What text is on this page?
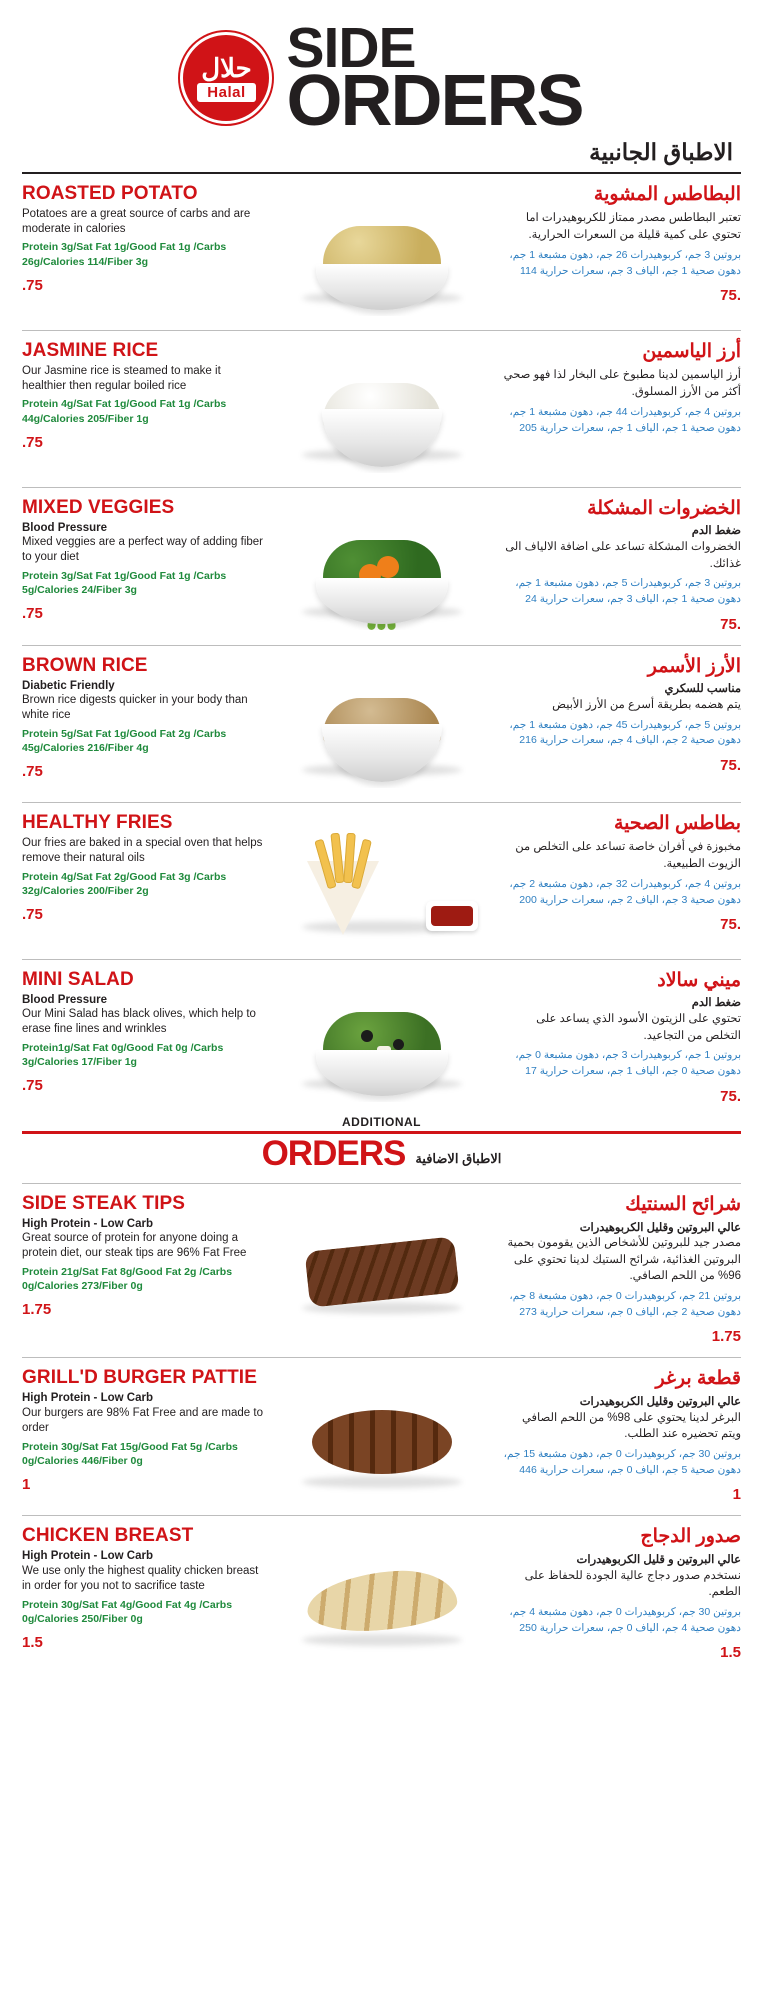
حلال
Halal
SIDE
ORDERS
الاطباق الجانبية
ROASTED POTATO
Potatoes are a great source of carbs and are moderate in calories
Protein 3g/Sat Fat 1g/Good Fat 1g /Carbs 26g/Calories 114/Fiber 3g
.75
البطاطس المشوية
تعتبر البطاطس مصدر ممتاز للكربوهيدرات اما تحتوي على كمية قليلة من السعرات الحرارية.
بروتين 3 جم، كربوهيدرات 26 جم، دهون مشبعة 1 جم، دهون صحية 1 جم، الياف 3 جم، سعرات حرارية 114
.75
JASMINE RICE
Our Jasmine rice is steamed to make it healthier then regular boiled rice
Protein 4g/Sat Fat 1g/Good Fat 1g /Carbs 44g/Calories 205/Fiber 1g
.75
أرز الياسمين
أرز الياسمين لدينا مطبوخ على البخار لذا فهو صحي أكثر من الأرز المسلوق.
بروتين 4 جم، كربوهيدرات 44 جم، دهون مشبعة 1 جم، دهون صحية 1 جم، الياف 1 جم، سعرات حرارية 205
MIXED VEGGIES
Blood Pressure
Mixed veggies are a perfect way of adding fiber to your diet
Protein 3g/Sat Fat 1g/Good Fat 1g /Carbs 5g/Calories 24/Fiber 3g
.75
الخضروات المشكلة
ضغط الدم
الخضروات المشكلة تساعد على اضافة الالياف الى غذائك.
بروتين 3 جم، كربوهيدرات 5 جم، دهون مشبعة 1 جم، دهون صحية 1 جم، الياف 3 جم، سعرات حرارية 24
.75
BROWN RICE
Diabetic Friendly
Brown rice digests quicker in your body than white rice
Protein 5g/Sat Fat 1g/Good Fat 2g /Carbs 45g/Calories 216/Fiber 4g
.75
الأرز الأسمر
مناسب للسكري
يتم هضمه بطريقة أسرع من الأرز الأبيض
بروتين 5 جم، كربوهيدرات 45 جم، دهون مشبعة 1 جم، دهون صحية 2 جم، الياف 4 جم، سعرات حرارية 216
.75
HEALTHY FRIES
Our fries are baked in a special oven that helps remove their natural oils
Protein 4g/Sat Fat 2g/Good Fat 3g /Carbs 32g/Calories 200/Fiber 2g
.75
بطاطس الصحية
مخبوزة في أفران خاصة تساعد على التخلص من الزيوت الطبيعية.
بروتين 4 جم، كربوهيدرات 32 جم، دهون مشبعة 2 جم، دهون صحية 3 جم، الياف 2 جم، سعرات حرارية 200
.75
MINI SALAD
Blood Pressure
Our Mini Salad has black olives, which help to erase fine lines and wrinkles
Protein1g/Sat Fat 0g/Good Fat 0g /Carbs 3g/Calories 17/Fiber 1g
.75
ميني سالاد
ضغط الدم
تحتوي على الزيتون الأسود الذي يساعد على التخلص من التجاعيد.
بروتين 1 جم، كربوهيدرات 3 جم، دهون مشبعة 0 جم، دهون صحية 0 جم، الياف 1 جم، سعرات حرارية 17
.75
ADDITIONAL
ORDERS الاطباق الاضافية
SIDE STEAK TIPS
High Protein - Low Carb
Great source of protein for anyone doing a protein diet, our steak tips are 96% Fat Free
Protein 21g/Sat Fat 8g/Good Fat 2g /Carbs 0g/Calories 273/Fiber 0g
1.75
شرائح السنتيك
عالي البروتين وقليل الكربوهيدرات
مصدر جيد للبروتين للأشخاص الذين يقومون بحمية البروتين الغذائية، شرائح الستيك لدينا تحتوي على 96% من اللحم الصافي.
بروتين 21 جم، كربوهيدرات 0 جم، دهون مشبعة 8 جم، دهون صحية 2 جم، الياف 0 جم، سعرات حرارية 273
1.75
GRILL'D BURGER PATTIE
High Protein - Low Carb
Our burgers are 98% Fat Free and are made to order
Protein 30g/Sat Fat 15g/Good Fat 5g /Carbs 0g/Calories 446/Fiber 0g
1
قطعة برغر
عالي البروتين وقليل الكربوهيدرات
البرغر لدينا يحتوي على 98% من اللحم الصافي ويتم تحضيره عند الطلب.
بروتين 30 جم، كربوهيدرات 0 جم، دهون مشبعة 15 جم، دهون صحية 5 جم، الياف 0 جم، سعرات حرارية 446
1
CHICKEN BREAST
High Protein - Low Carb
We use only the highest quality chicken breast in order for you not to sacrifice taste
Protein 30g/Sat Fat 4g/Good Fat 4g /Carbs 0g/Calories 250/Fiber 0g
1.5
صدور الدجاج
عالي البروتين و قليل الكربوهيدرات
نستخدم صدور دجاج عالية الجودة للحفاظ على الطعم.
بروتين 30 جم، كربوهيدرات 0 جم، دهون مشبعة 4 جم، دهون صحية 4 جم، الياف 0 جم، سعرات حرارية 250
1.5
